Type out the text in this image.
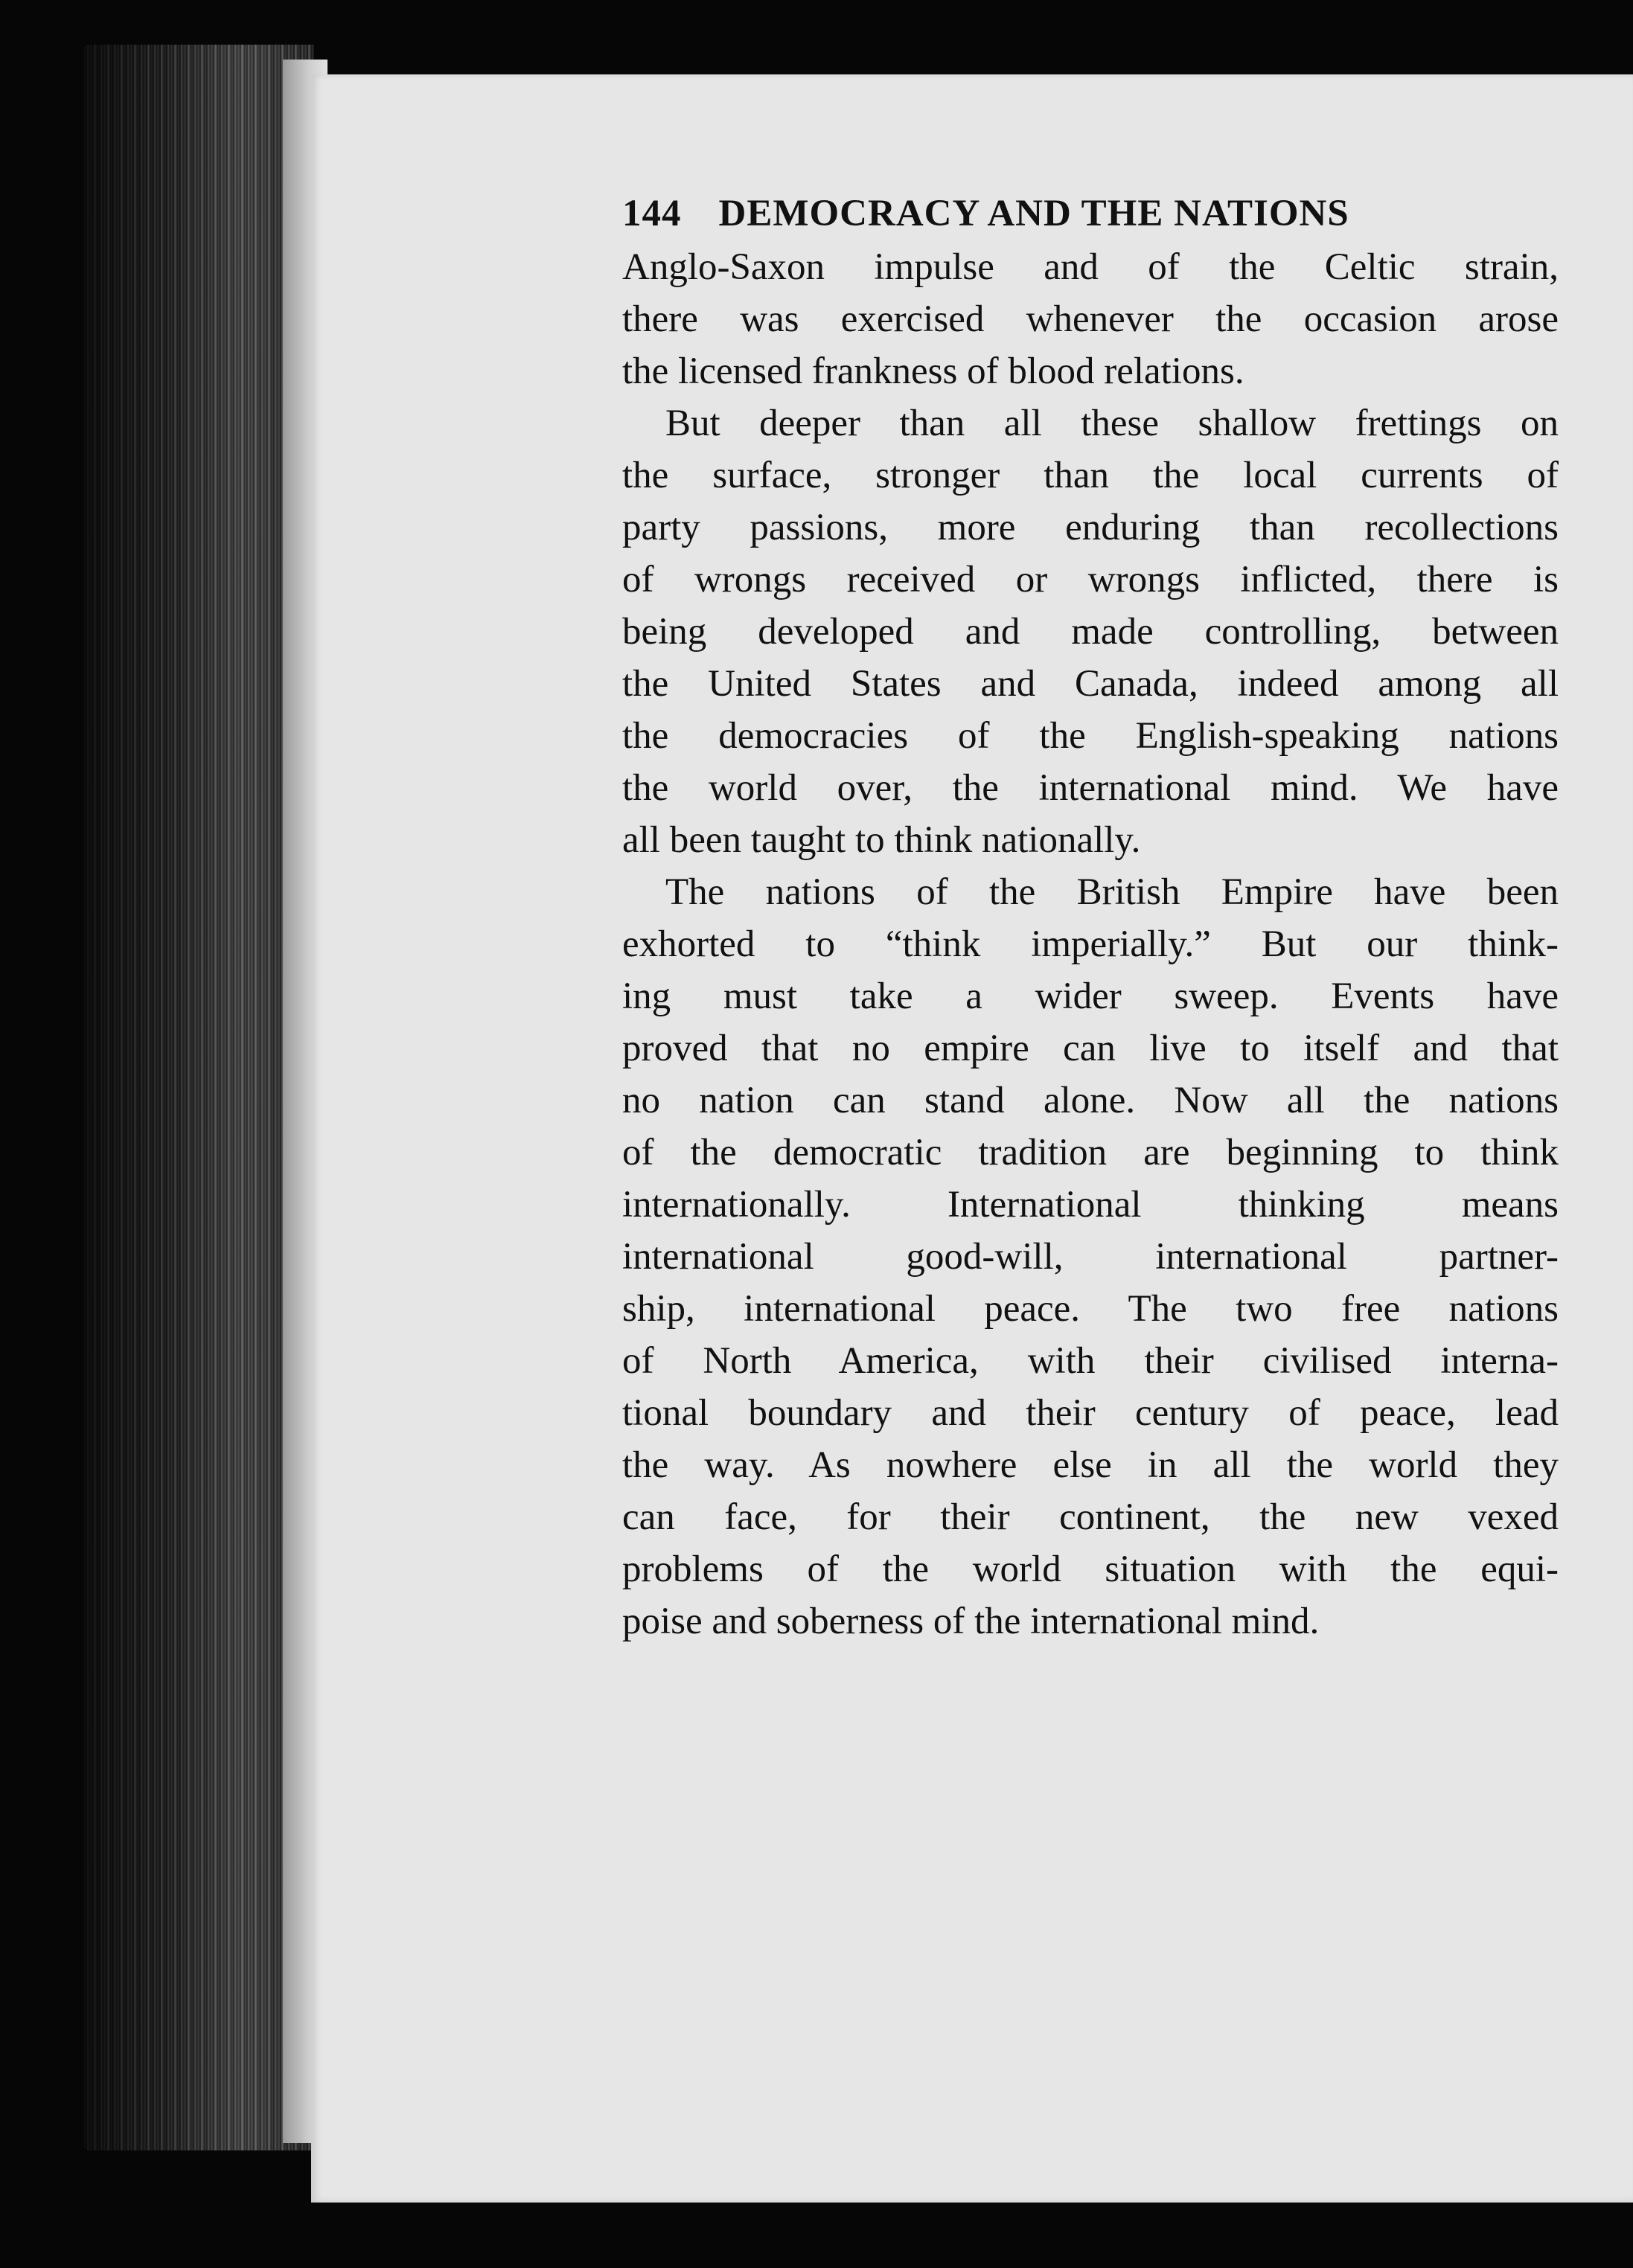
144 DEMOCRACY AND THE NATIONS

Anglo-Saxon impulse and of the Celtic strain,
there was exercised whenever the occasion arose
the licensed frankness of blood relations.

But deeper than all these shallow frettings on
the surface, stronger than the local currents of
party passions, more enduring than recollections
of wrongs received or wrongs inflicted, there is
being developed and made controlling, between
the United States and Canada, indeed among all
the democracies of the English-speaking nations
the world over, the international mind. We have
all been taught to think nationally.

The nations of the British Empire have been
exhorted to “think imperially.” But our think-
ing must take a wider sweep. Events have
proved that no empire can live to itself and that
no nation can stand alone. Now all the nations
of the democratic tradition are beginning to think
internationally. International thinking means
international good-will, international partner-
ship, international peace. The two free nations
of North America, with their civilised interna-
tional boundary and their century of peace, lead
the way. As nowhere else in all the world they
can face, for their continent, the new vexed
problems of the world situation with the equi-
poise and soberness of the international mind.
